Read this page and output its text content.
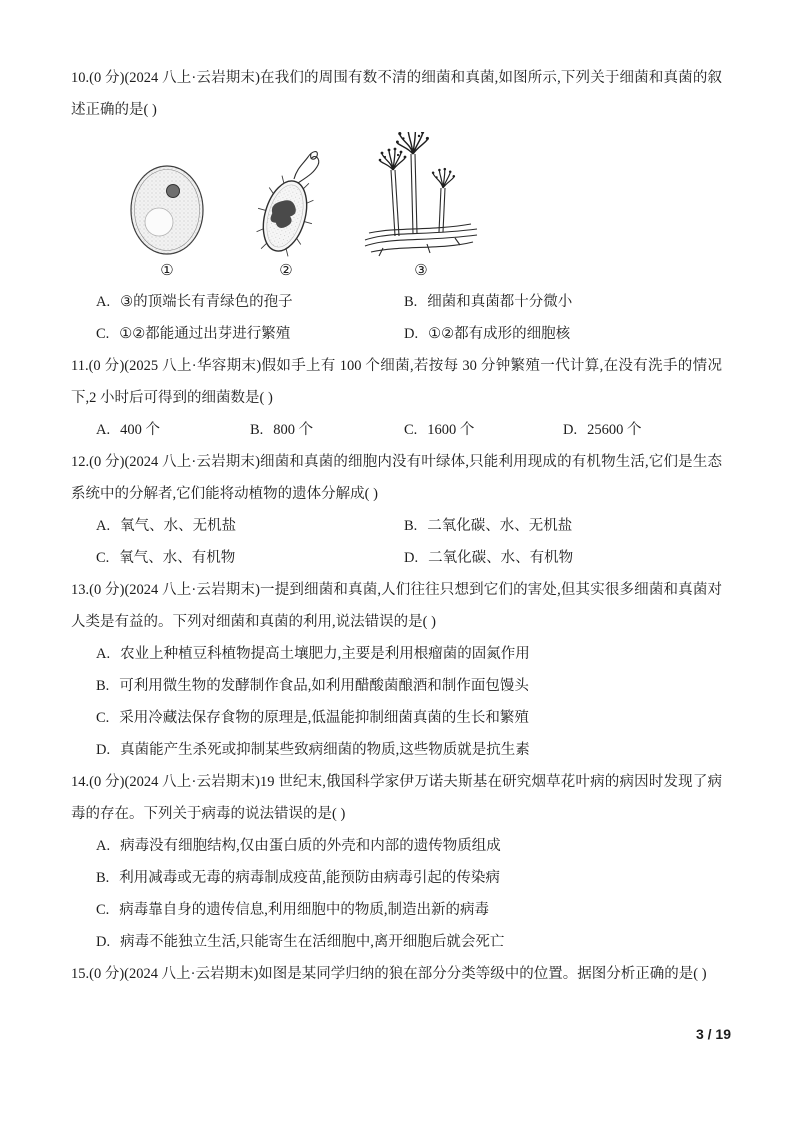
10.(0 分)(2024 八上·云岩期末)在我们的周围有数不清的细菌和真菌,如图所示,下列关于细菌和真菌的叙述正确的是( )

①	②	③
A. ③的顶端长有青绿色的孢子	B. 细菌和真菌都十分微小
C. ①②都能通过出芽进行繁殖	D. ①②都有成形的细胞核

11.(0 分)(2025 八上·华容期末)假如手上有 100 个细菌,若按每 30 分钟繁殖一代计算,在没有洗手的情况下,2 小时后可得到的细菌数是( )

A. 400 个	B. 800 个	C. 1600 个	D. 25600 个

12.(0 分)(2024 八上·云岩期末)细菌和真菌的细胞内没有叶绿体,只能利用现成的有机物生活,它们是生态系统中的分解者,它们能将动植物的遗体分解成( )

A. 氧气、水、无机盐	B. 二氧化碳、水、无机盐
C. 氧气、水、有机物	D. 二氧化碳、水、有机物

13.(0 分)(2024 八上·云岩期末)一提到细菌和真菌,人们往往只想到它们的害处,但其实很多细菌和真菌对人类是有益的。下列对细菌和真菌的利用,说法错误的是( )

A. 农业上种植豆科植物提高土壤肥力,主要是利用根瘤菌的固氮作用
B. 可利用微生物的发酵制作食品,如利用醋酸菌酿酒和制作面包馒头
C. 采用冷藏法保存食物的原理是,低温能抑制细菌真菌的生长和繁殖
D. 真菌能产生杀死或抑制某些致病细菌的物质,这些物质就是抗生素

14.(0 分)(2024 八上·云岩期末)19 世纪末,俄国科学家伊万诺夫斯基在研究烟草花叶病的病因时发现了病毒的存在。下列关于病毒的说法错误的是( )

A. 病毒没有细胞结构,仅由蛋白质的外壳和内部的遗传物质组成
B. 利用减毒或无毒的病毒制成疫苗,能预防由病毒引起的传染病
C. 病毒靠自身的遗传信息,利用细胞中的物质,制造出新的病毒
D. 病毒不能独立生活,只能寄生在活细胞中,离开细胞后就会死亡

15.(0 分)(2024 八上·云岩期末)如图是某同学归纳的狼在部分分类等级中的位置。据图分析正确的是( )

3 / 19
